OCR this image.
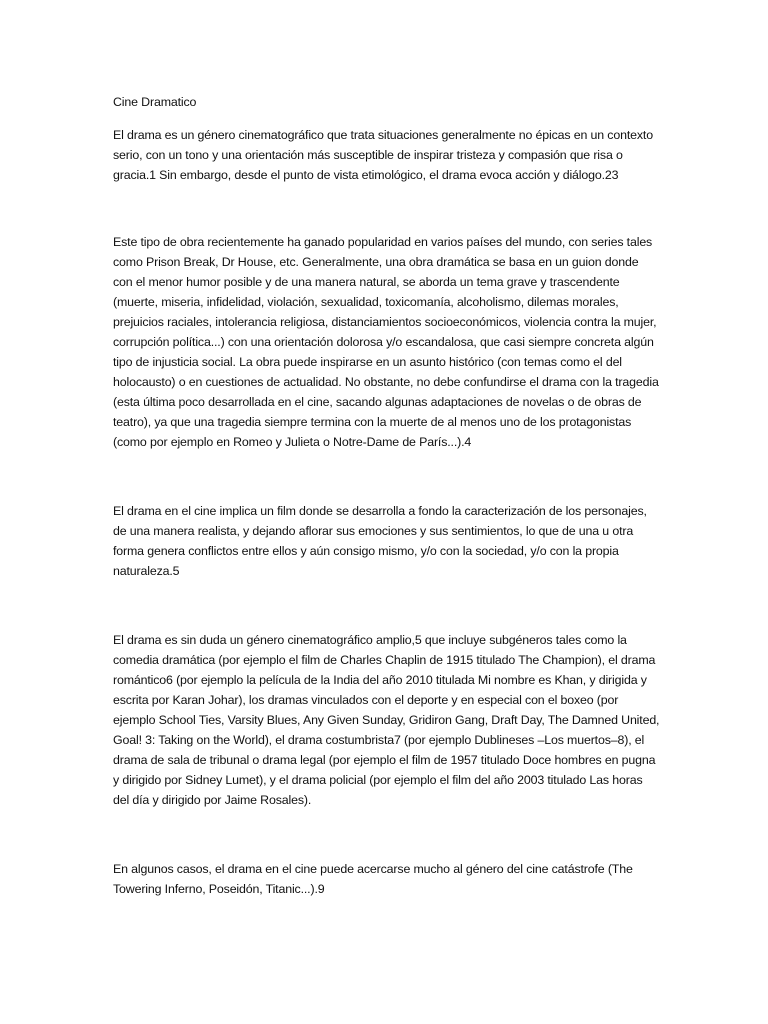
Cine Dramatico

El drama es un género cinematográfico que trata situaciones generalmente no épicas en un contexto serio, con un tono y una orientación más susceptible de inspirar tristeza y compasión que risa o gracia.1 Sin embargo, desde el punto de vista etimológico, el drama evoca acción y diálogo.23

Este tipo de obra recientemente ha ganado popularidad en varios países del mundo, con series tales como Prison Break, Dr House, etc. Generalmente, una obra dramática se basa en un guion donde con el menor humor posible y de una manera natural, se aborda un tema grave y trascendente (muerte, miseria, infidelidad, violación, sexualidad, toxicomanía, alcoholismo, dilemas morales, prejuicios raciales, intolerancia religiosa, distanciamientos socioeconómicos, violencia contra la mujer, corrupción política...) con una orientación dolorosa y/o escandalosa, que casi siempre concreta algún tipo de injusticia social. La obra puede inspirarse en un asunto histórico (con temas como el del holocausto) o en cuestiones de actualidad. No obstante, no debe confundirse el drama con la tragedia (esta última poco desarrollada en el cine, sacando algunas adaptaciones de novelas o de obras de teatro), ya que una tragedia siempre termina con la muerte de al menos uno de los protagonistas (como por ejemplo en Romeo y Julieta o Notre-Dame de París...).4

El drama en el cine implica un film donde se desarrolla a fondo la caracterización de los personajes, de una manera realista, y dejando aflorar sus emociones y sus sentimientos, lo que de una u otra forma genera conflictos entre ellos y aún consigo mismo, y/o con la sociedad, y/o con la propia naturaleza.5

El drama es sin duda un género cinematográfico amplio,5 que incluye subgéneros tales como la comedia dramática (por ejemplo el film de Charles Chaplin de 1915 titulado The Champion), el drama romántico6 (por ejemplo la película de la India del año 2010 titulada Mi nombre es Khan, y dirigida y escrita por Karan Johar), los dramas vinculados con el deporte y en especial con el boxeo (por ejemplo School Ties, Varsity Blues, Any Given Sunday, Gridiron Gang, Draft Day, The Damned United, Goal! 3: Taking on the World), el drama costumbrista7 (por ejemplo Dublineses –Los muertos–8), el drama de sala de tribunal o drama legal (por ejemplo el film de 1957 titulado Doce hombres en pugna y dirigido por Sidney Lumet), y el drama policial (por ejemplo el film del año 2003 titulado Las horas del día y dirigido por Jaime Rosales).

En algunos casos, el drama en el cine puede acercarse mucho al género del cine catástrofe (The Towering Inferno, Poseidón, Titanic...).9
